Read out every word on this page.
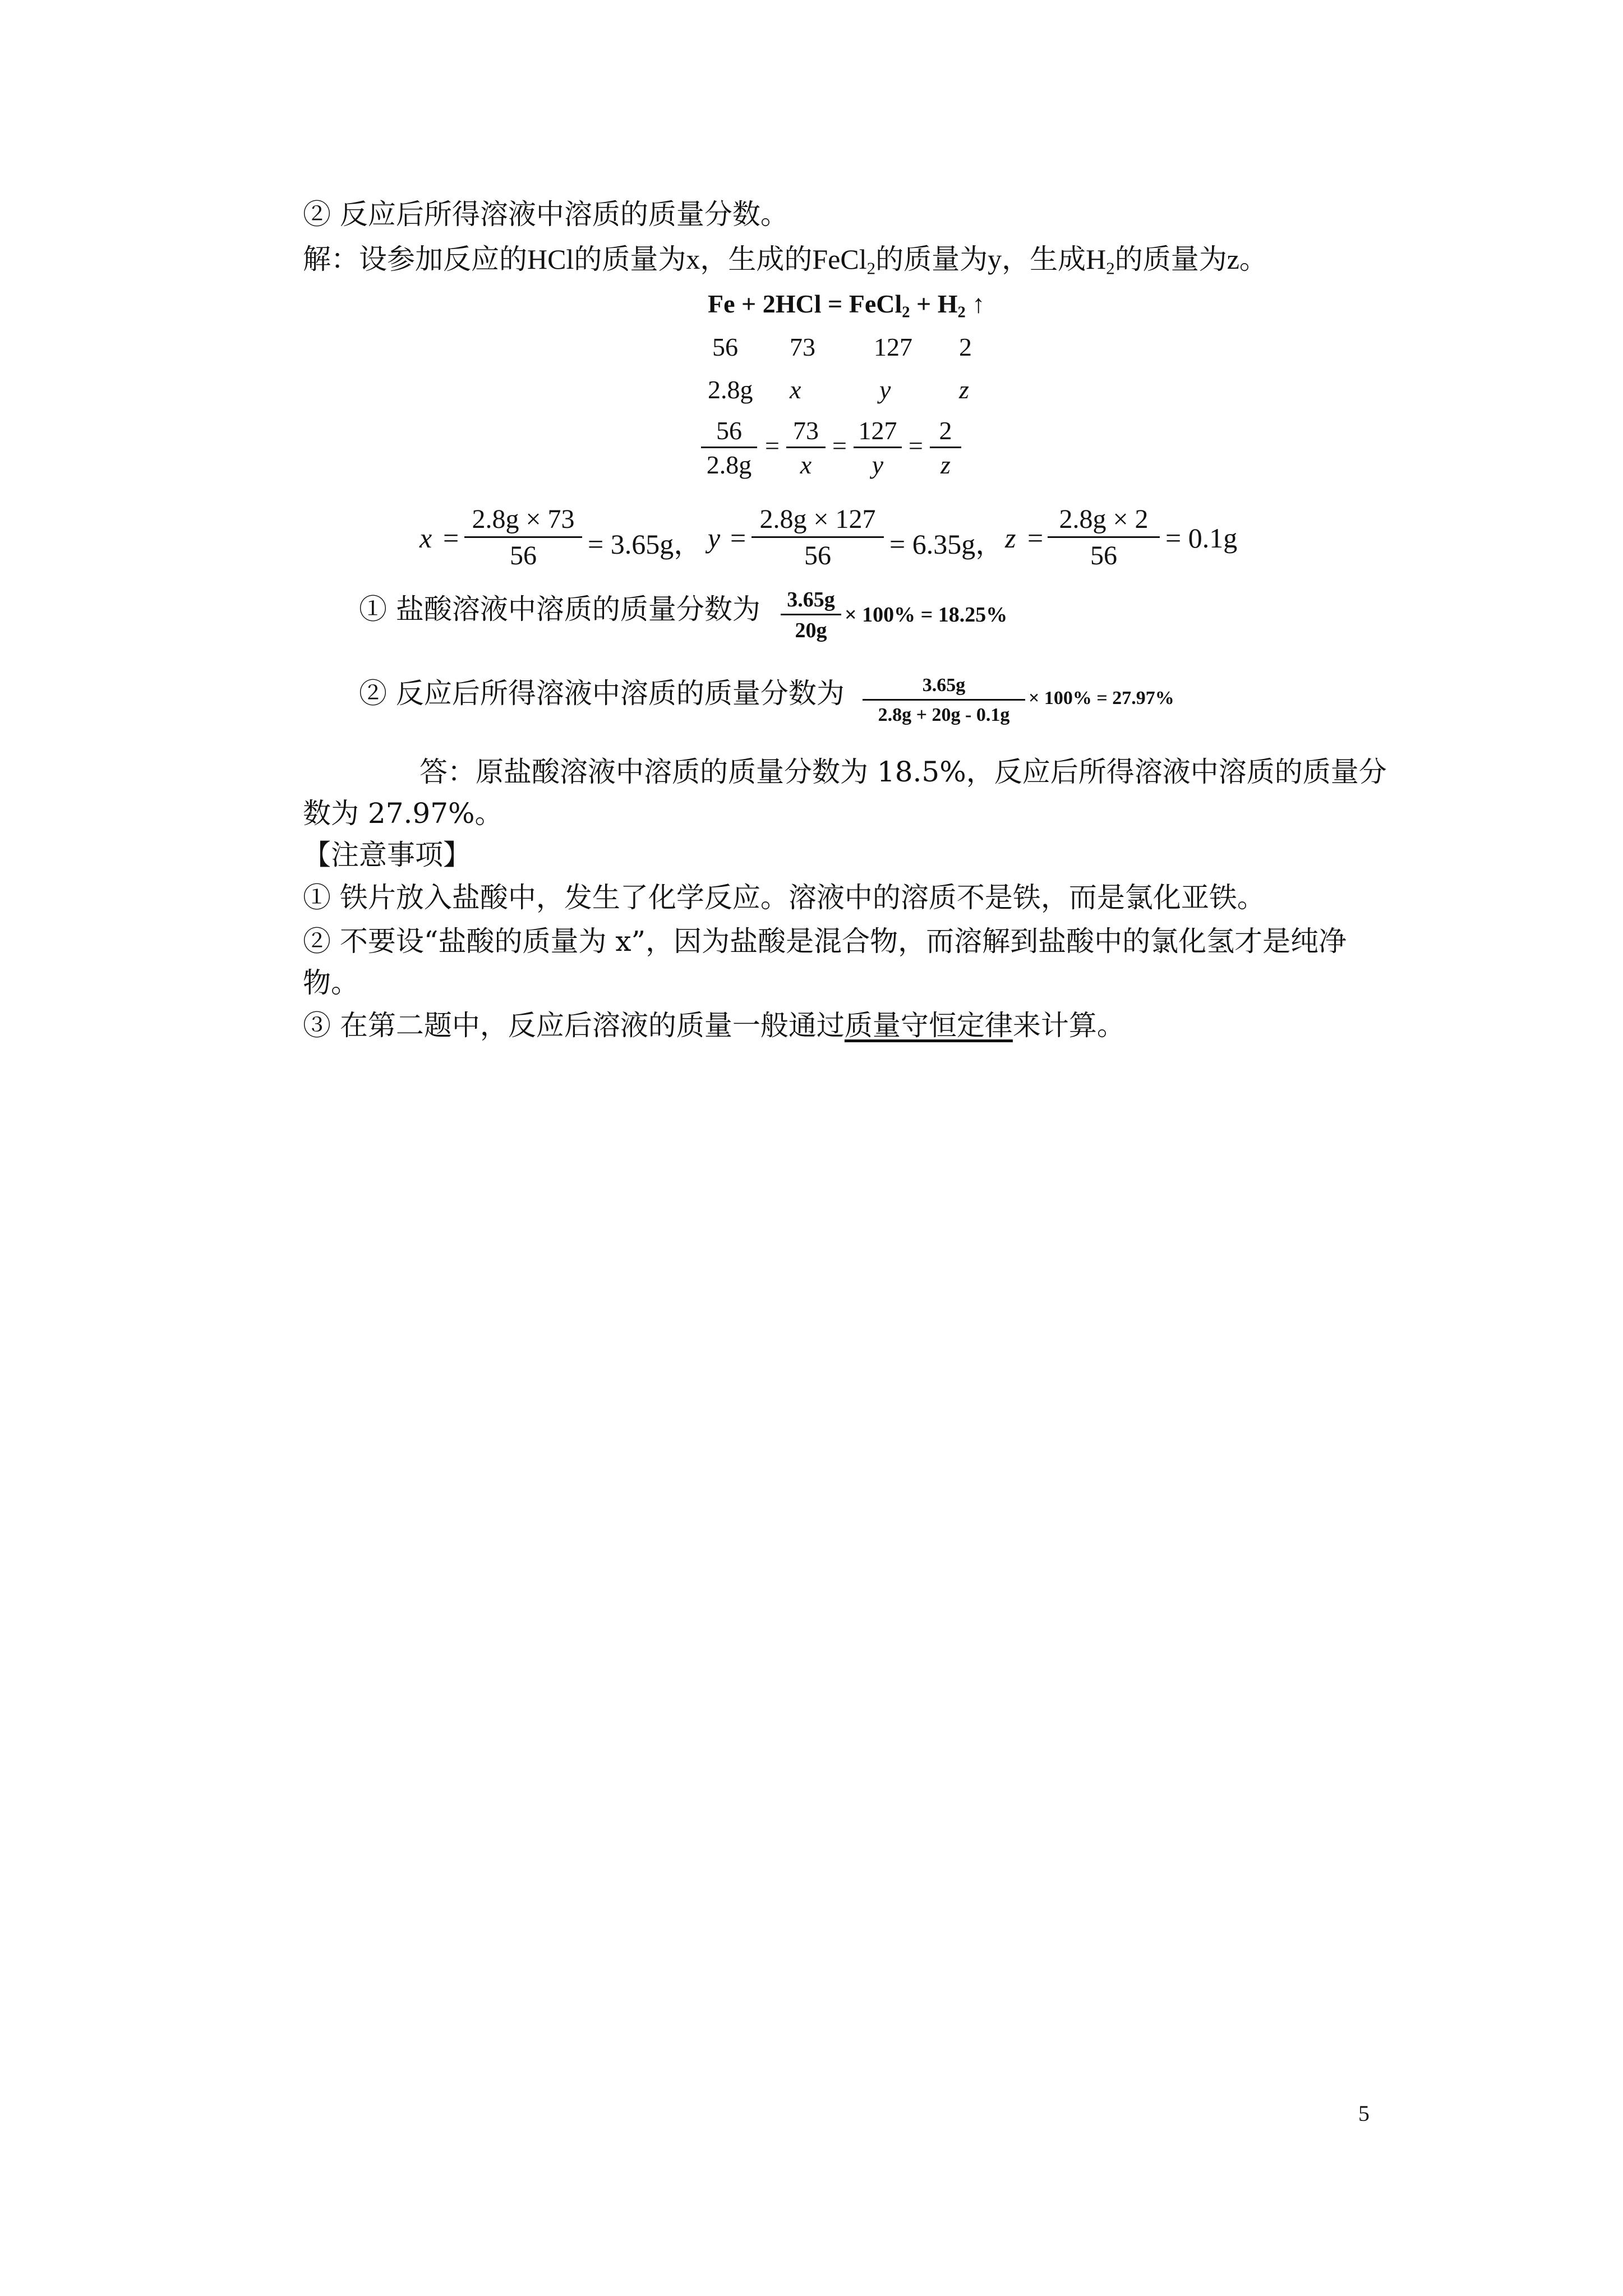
② 反应后所得溶液中溶质的质量分数。
解：设参加反应的HCl的质量为x，生成的FeCl$_2$的质量为y，生成$H_2$的质量为z。
Fe + 2HCl = FeCl$_2$ + $H_2$ ↑
56 73 127 2
2.8g x	y	z
$\frac{56}{2.8g} = \frac{73}{x} = \frac{127}{y} = \frac{2}{z}$
$x = \frac{2.8g \times 73}{56} = 3.65g$， $y = \frac{2.8g \times 127}{56} = 6.35g$， $z = \frac{2.8g \times 2}{56} = 0.1g$
① 盐酸溶液中溶质的质量分数为 $\frac{3.65g}{20g} \times 100\% = 18.25\%$
② 反应后所得溶液中溶质的质量分数为 $\frac{3.65g}{2.8g + 20g - 0.1g} \times 100\% = 27.97\%$
答：原盐酸溶液中溶质的质量分数为 18.5%，反应后所得溶液中溶质的质量分
数为 27.97%。
【注意事项】
① 铁片放入盐酸中，发生了化学反应。溶液中的溶质不是铁，而是氯化亚铁。
② 不要设“盐酸的质量为 x”，因为盐酸是混合物，而溶解到盐酸中的氯化氢才是纯净
物。
③ 在第二题中，反应后溶液的质量一般通过质量守恒定律来计算。
5
